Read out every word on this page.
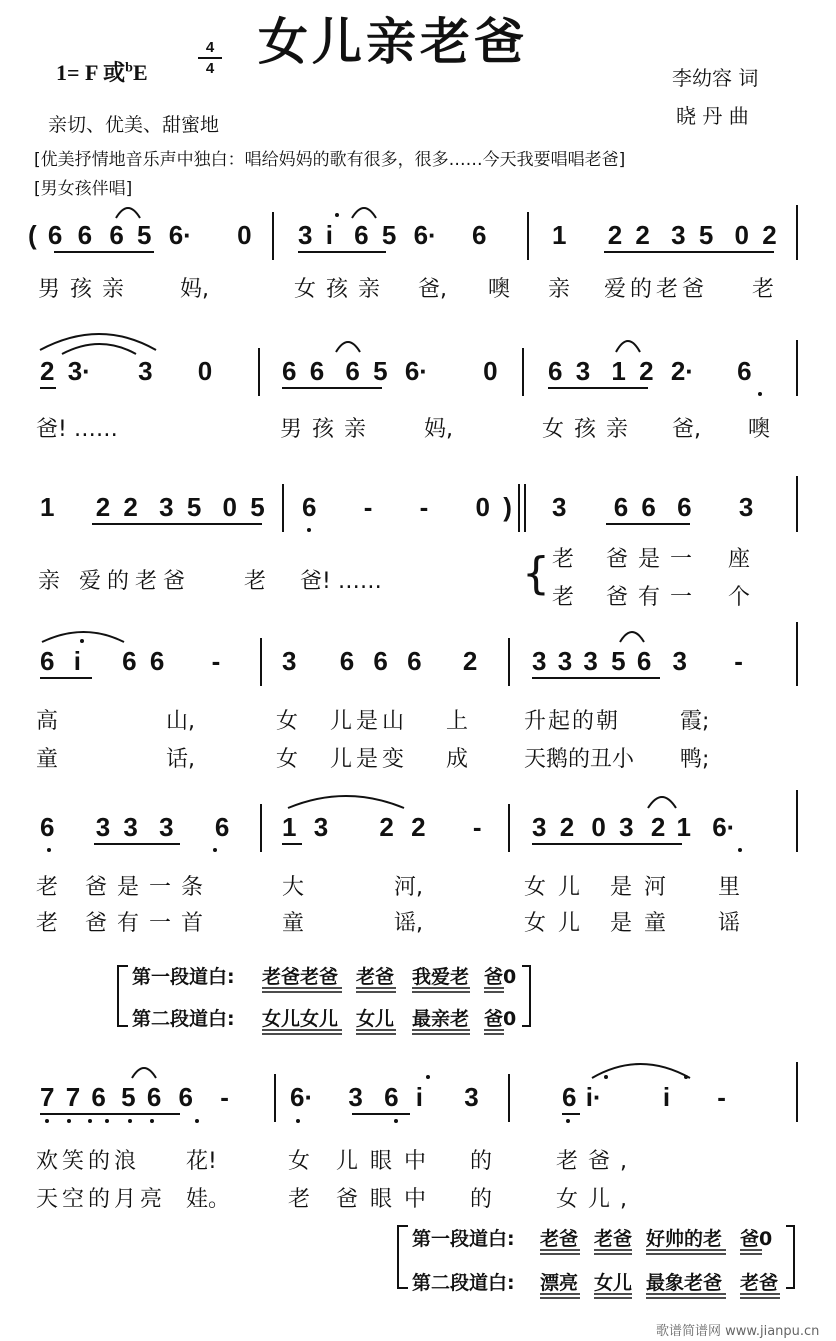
女儿亲老爸
1= F 或$^b$E
4
4	李幼容 词
晓 丹 曲
亲切、优美、甜蜜地
[优美抒情地音乐声中独白：唱给妈妈的歌有很多，很多……今天我要唱唱老爸]
[男女孩伴唱]
( 6 6 6 5 6· 0 3 i 6 5 6· 6	1 2 2 3 5 0 2
男孩亲 妈,	女孩亲 爸, 噢 亲 爱的老爸 老
2 3· 3 0	6 6 6 5 6· 0 6 3 1 2 2· 6
爸! ……	男孩亲 妈,	女孩亲 爸, 噢
1 2 2 3 5 0 5 6 - - 0 ) 3 6 6 6 3
亲 爱的老爸 老 爸! ……	{ 老 爸是一 座
老 爸有一 个
6 i 6 6 - 3 6 6 6 2 3 3 3 5 6 3 -
高	山,	女 儿是山 上	升起的朝	霞;
童	话,	女 儿是变 成	天鹅的丑小 鸭;
6 3 3 3 6 1 3 2 2 - 3 2 0 3 2 1 6·
老 爸是一条	大	河,	女儿 是河 里
老 爸有一首	童	谣,	女儿 是童 谣
第一段道白: 老爸老爸 老爸 我爱老 爸0
第二段道白: 女儿女儿 女儿 最亲老 爸0
7 7 6 5 6 6 - 6· 3 6 i 3	6 i· i -
欢笑的浪 花!	女 儿眼中 的	老爸,
天空的月亮 娃。	老 爸眼中 的	女儿,
第一段道白: 老爸 老爸 好帅的老 爸0
第二段道白: 漂亮 女儿 最象老爸 老爸
歌谱简谱网 www.jianpu.cn
